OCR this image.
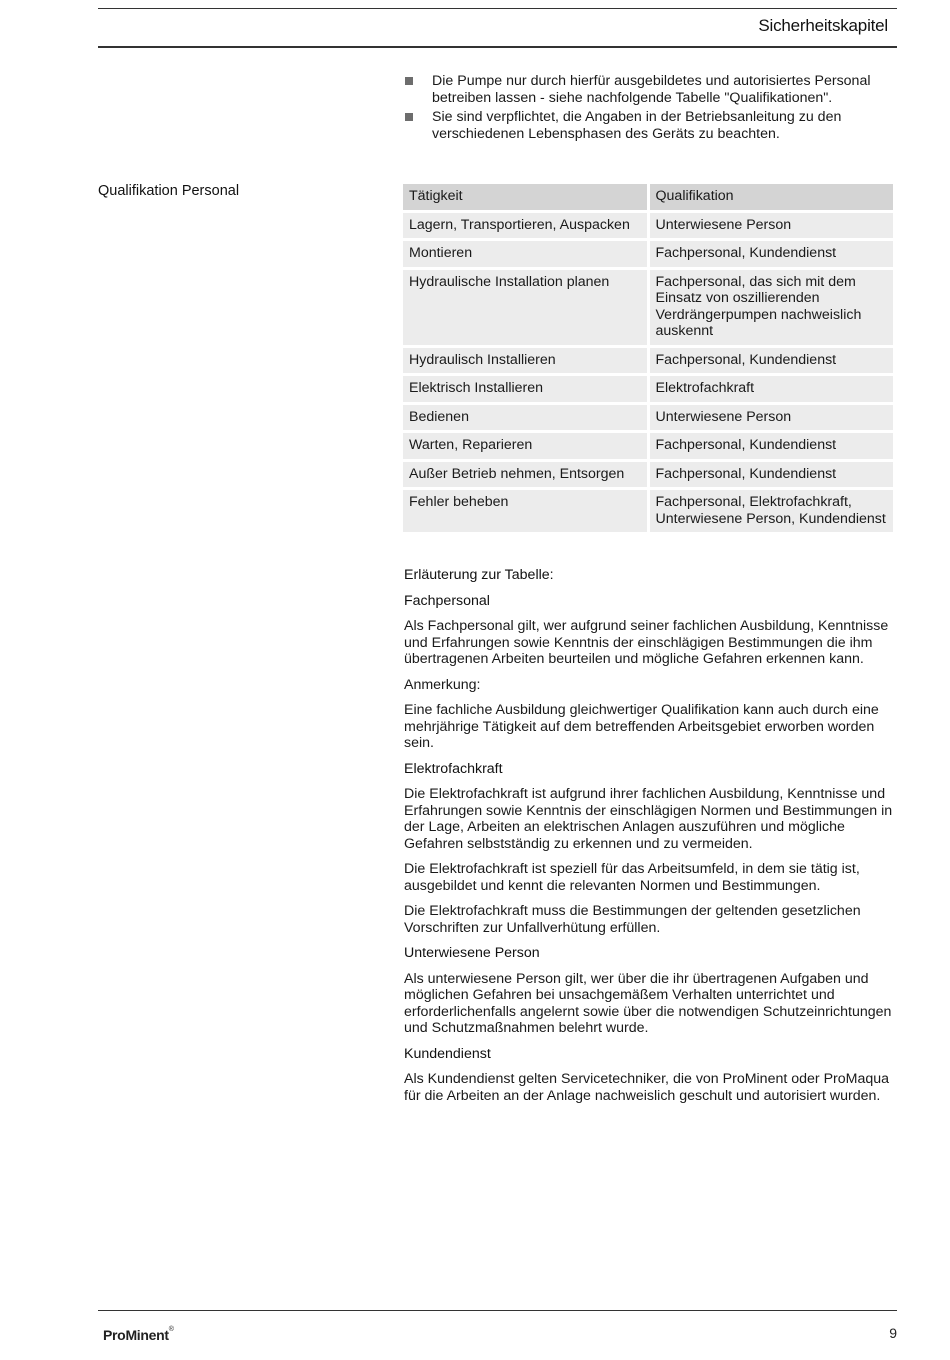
Sicherheitskapitel
Die Pumpe nur durch hierfür ausgebildetes und autorisiertes Personal betreiben lassen - siehe nachfolgende Tabelle "Qualifikationen".
Sie sind verpflichtet, die Angaben in der Betriebsanleitung zu den verschiedenen Lebensphasen des Geräts zu beachten.
Qualifikation Personal	Tätigkeit	Qualifikation
Lagern, Transportieren, Auspacken	Unterwiesene Person
Montieren	Fachpersonal, Kundendienst
Hydraulische Installation planen	Fachpersonal, das sich mit dem Einsatz von oszillierenden Verdrängerpumpen nachweislich auskennt
Hydraulisch Installieren	Fachpersonal, Kundendienst
Elektrisch Installieren	Elektrofachkraft
Bedienen	Unterwiesene Person
Warten, Reparieren	Fachpersonal, Kundendienst
Außer Betrieb nehmen, Entsorgen	Fachpersonal, Kundendienst
Fehler beheben	Fachpersonal, Elektrofachkraft, Unterwiesene Person, Kundendienst

Erläuterung zur Tabelle:

Fachpersonal

Als Fachpersonal gilt, wer aufgrund seiner fachlichen Ausbildung, Kenntnisse und Erfahrungen sowie Kenntnis der einschlägigen Bestimmungen die ihm übertragenen Arbeiten beurteilen und mögliche Gefahren erkennen kann.

Anmerkung:

Eine fachliche Ausbildung gleichwertiger Qualifikation kann auch durch eine mehrjährige Tätigkeit auf dem betreffenden Arbeitsgebiet erworben worden sein.

Elektrofachkraft

Die Elektrofachkraft ist aufgrund ihrer fachlichen Ausbildung, Kenntnisse und Erfahrungen sowie Kenntnis der einschlägigen Normen und Bestimmungen in der Lage, Arbeiten an elektrischen Anlagen auszuführen und mögliche Gefahren selbstständig zu erkennen und zu vermeiden.

Die Elektrofachkraft ist speziell für das Arbeitsumfeld, in dem sie tätig ist, ausgebildet und kennt die relevanten Normen und Bestimmungen.

Die Elektrofachkraft muss die Bestimmungen der geltenden gesetzlichen Vorschriften zur Unfallverhütung erfüllen.

Unterwiesene Person

Als unterwiesene Person gilt, wer über die ihr übertragenen Aufgaben und möglichen Gefahren bei unsachgemäßem Verhalten unterrichtet und erforderlichenfalls angelernt sowie über die notwendigen Schutzeinrichtungen und Schutzmaßnahmen belehrt wurde.

Kundendienst

Als Kundendienst gelten Servicetechniker, die von ProMinent oder ProMaqua für die Arbeiten an der Anlage nachweislich geschult und autorisiert wurden.

ProMinent®	9
